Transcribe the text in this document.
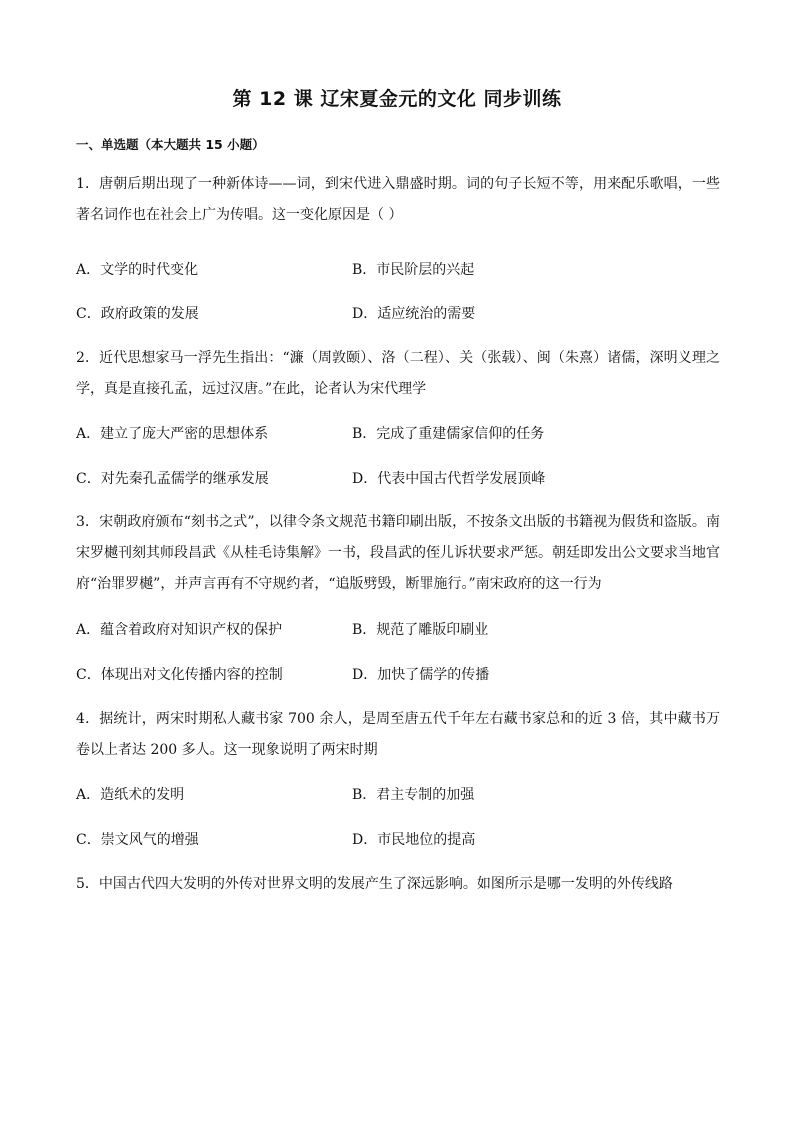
第 12 课 辽宋夏金元的文化 同步训练
一、单选题（本大题共 15 小题）
1．唐朝后期出现了一种新体诗——词，到宋代进入鼎盛时期。词的句子长短不等，用来配乐歌唱，一些著名词作也在社会上广为传唱。这一变化原因是（ ）
A．文学的时代变化	B．市民阶层的兴起
C．政府政策的发展	D．适应统治的需要
2．近代思想家马一浮先生指出：“濂（周敦颐）、洛（二程）、关（张载）、闽（朱熹）诸儒，深明义理之学，真是直接孔孟，远过汉唐。”在此，论者认为宋代理学
A．建立了庞大严密的思想体系	B．完成了重建儒家信仰的任务
C．对先秦孔孟儒学的继承发展	D．代表中国古代哲学发展顶峰
3．宋朝政府颁布“刻书之式”，以律令条文规范书籍印刷出版，不按条文出版的书籍视为假货和盗版。南宋罗樾刊刻其师段昌武《从桂毛诗集解》一书，段昌武的侄儿诉状要求严惩。朝廷即发出公文要求当地官府“治罪罗樾”，并声言再有不守规约者，“追版劈毁，断罪施行。”南宋政府的这一行为
A．蕴含着政府对知识产权的保护	B．规范了雕版印刷业
C．体现出对文化传播内容的控制	D．加快了儒学的传播
4．据统计，两宋时期私人藏书家 700 余人，是周至唐五代千年左右藏书家总和的近 3 倍，其中藏书万卷以上者达 200 多人。这一现象说明了两宋时期
A．造纸术的发明	B．君主专制的加强
C．崇文风气的增强	D．市民地位的提高
5．中国古代四大发明的外传对世界文明的发展产生了深远影响。如图所示是哪一发明的外传线路
